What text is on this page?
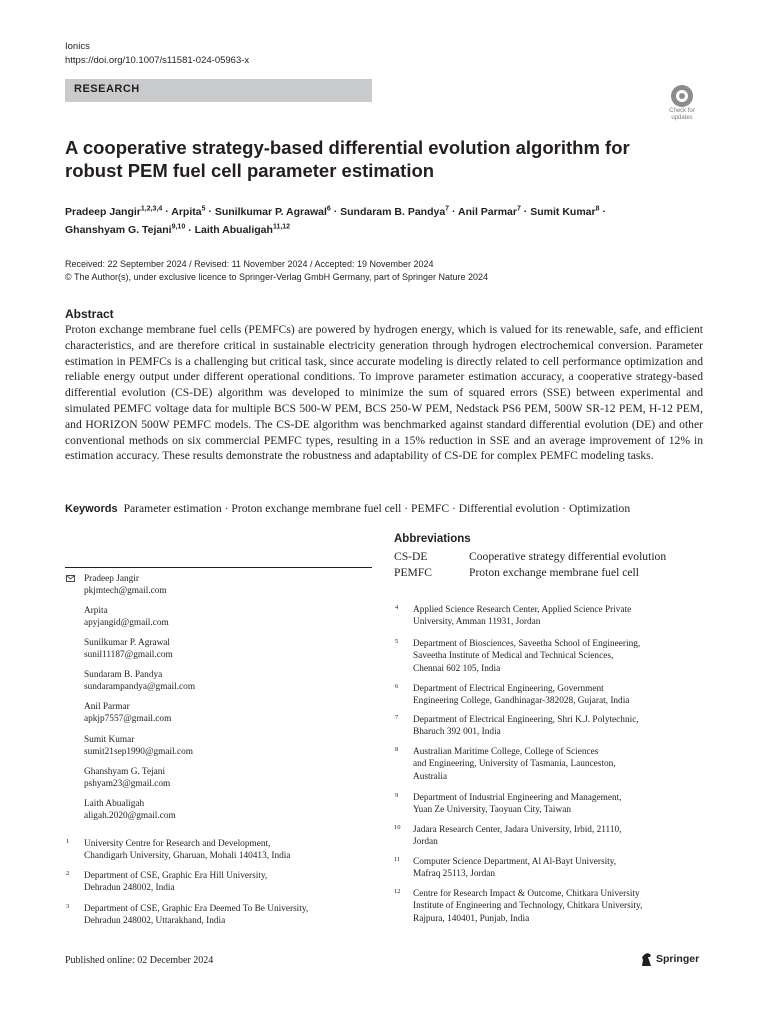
Ionics
https://doi.org/10.1007/s11581-024-05963-x
RESEARCH
Check for
updates
A cooperative strategy-based differential evolution algorithm for robust PEM fuel cell parameter estimation
Pradeep Jangir$^{1,2,3,4}$ · Arpita$^5$ · Sunilkumar P. Agrawal$^6$ · Sundaram B. Pandya$^7$ · Anil Parmar$^7$ · Sumit Kumar$^8$ ·
Ghanshyam G. Tejani$^{9,10}$ · Laith Abualigah$^{11,12}$
Received: 22 September 2024 / Revised: 11 November 2024 / Accepted: 19 November 2024
© The Author(s), under exclusive licence to Springer-Verlag GmbH Germany, part of Springer Nature 2024
Abstract
Proton exchange membrane fuel cells (PEMFCs) are powered by hydrogen energy, which is valued for its renewable, safe, and efficient characteristics, and are therefore critical in sustainable electricity generation through hydrogen electrochemical conversion. Parameter estimation in PEMFCs is a challenging but critical task, since accurate modeling is directly related to cell performance optimization and reliable energy output under different operational conditions. To improve parameter estimation accuracy, a cooperative strategy-based differential evolution (CS-DE) algorithm was developed to minimize the sum of squared errors (SSE) between experimental and simulated PEMFC voltage data for multiple BCS 500-W PEM, BCS 250-W PEM, Nedstack PS6 PEM, 500W SR-12 PEM, H-12 PEM, and HORIZON 500W PEMFC models. The CS-DE algorithm was benchmarked against standard differential evolution (DE) and other conventional methods on six commercial PEMFC types, resulting in a 15% reduction in SSE and an average improvement of 12% in estimation accuracy. These results demonstrate the robustness and adaptability of CS-DE for complex PEMFC modeling tasks.
Keywords Parameter estimation · Proton exchange membrane fuel cell · PEMFC · Differential evolution · Optimization
Abbreviations
CS-DE	Cooperative strategy differential evolution
PEMFC	Proton exchange membrane fuel cell
Pradeep Jangir
pkjmtech@gmail.com
Arpita
apyjangid@gmail.com
Sunilkumar P. Agrawal
sunil11187@gmail.com
Sundaram B. Pandya
sundarampandya@gmail.com
Anil Parmar
apkjp7557@gmail.com
Sumit Kumar
sumit21sep1990@gmail.com
Ghanshyam G. Tejani
pshyam23@gmail.com
Laith Abualigah
aligah.2020@gmail.com
1 University Centre for Research and Development,
Chandigarh University, Gharuan, Mohali 140413, India
2 Department of CSE, Graphic Era Hill University,
Dehradun 248002, India
3 Department of CSE, Graphic Era Deemed To Be University,
Dehradun 248002, Uttarakhand, India
4 Applied Science Research Center, Applied Science Private
University, Amman 11931, Jordan
5 Department of Biosciences, Saveetha School of Engineering,
Saveetha Institute of Medical and Technical Sciences,
Chennai 602 105, India
6 Department of Electrical Engineering, Government
Engineering College, Gandhinagar-382028, Gujarat, India
7 Department of Electrical Engineering, Shri K.J. Polytechnic,
Bharuch 392 001, India
8 Australian Maritime College, College of Sciences
and Engineering, University of Tasmania, Launceston,
Australia
9 Department of Industrial Engineering and Management,
Yuan Ze University, Taoyuan City, Taiwan
10 Jadara Research Center, Jadara University, Irbid, 21110,
Jordan
11 Computer Science Department, Al Al-Bayt University,
Mafraq 25113, Jordan
12 Centre for Research Impact & Outcome, Chitkara University
Institute of Engineering and Technology, Chitkara University,
Rajpura, 140401, Punjab, India
Published online: 02 December 2024	Springer
